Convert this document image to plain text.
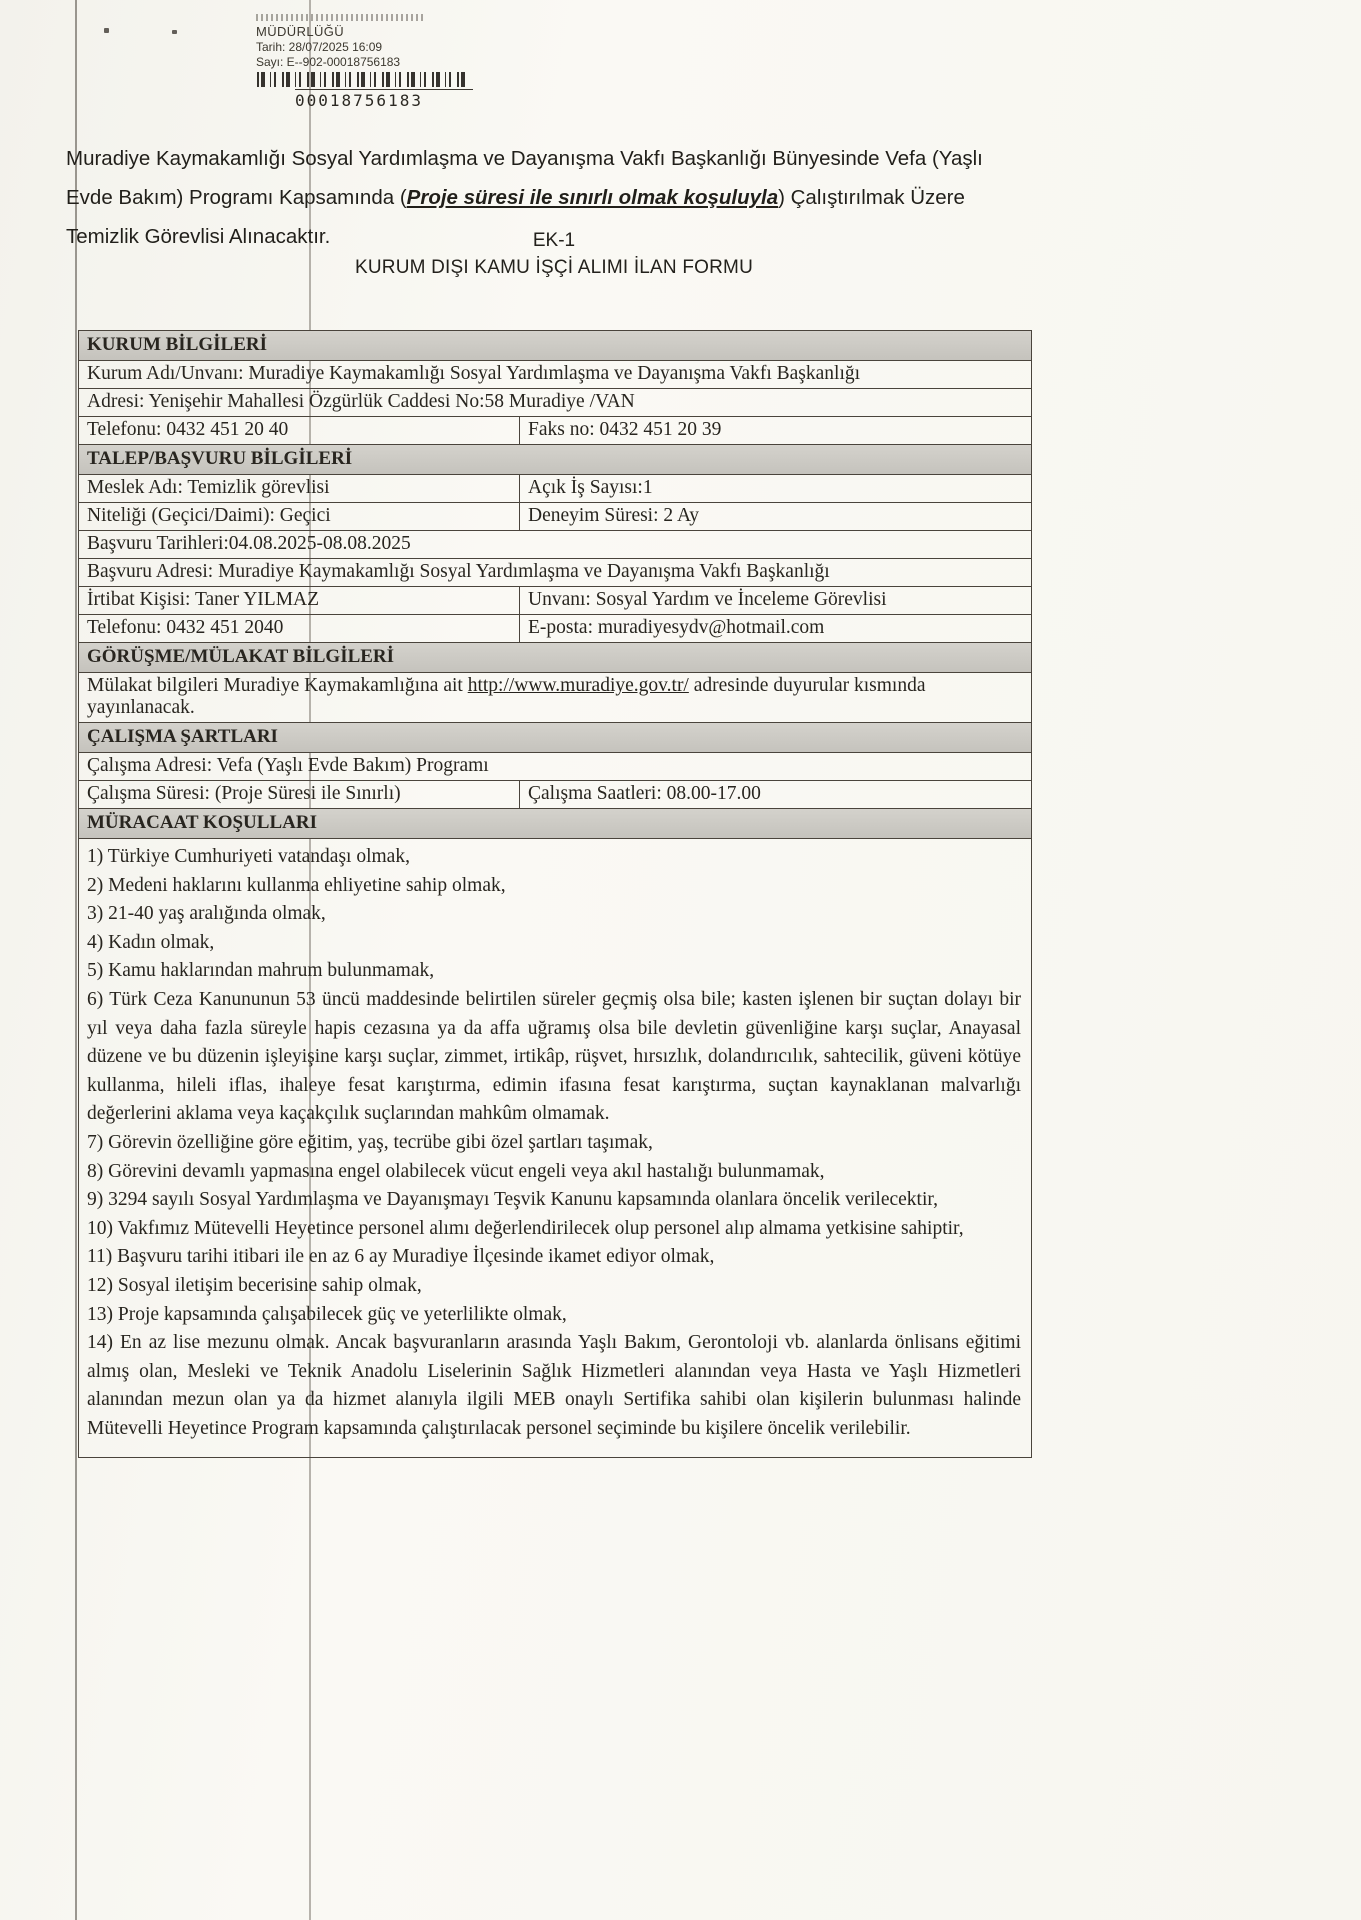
MÜDÜRLÜĞÜ
Tarih: 28/07/2025 16:09
Sayı: E--902-00018756183
00018756183
Muradiye Kaymakamlığı Sosyal Yardımlaşma ve Dayanışma Vakfı Başkanlığı Bünyesinde Vefa (Yaşlı Evde Bakım) Programı Kapsamında (Proje süresi ile sınırlı olmak koşuluyla) Çalıştırılmak Üzere Temizlik Görevlisi Alınacaktır.	EK-1
KURUM DIŞI KAMU İŞÇİ ALIMI İLAN FORMU
KURUM BİLGİLERİ
Kurum Adı/Unvanı: Muradiye Kaymakamlığı Sosyal Yardımlaşma ve Dayanışma Vakfı Başkanlığı
Adresi: Yenişehir Mahallesi Özgürlük Caddesi No:58 Muradiye /VAN
Telefonu: 0432 451 20 40	Faks no: 0432 451 20 39
TALEP/BAŞVURU BİLGİLERİ
Meslek Adı: Temizlik görevlisi	Açık İş Sayısı:1
Niteliği (Geçici/Daimi): Geçici	Deneyim Süresi: 2 Ay
Başvuru Tarihleri:04.08.2025-08.08.2025
Başvuru Adresi: Muradiye Kaymakamlığı Sosyal Yardımlaşma ve Dayanışma Vakfı Başkanlığı
İrtibat Kişisi: Taner YILMAZ	Unvanı: Sosyal Yardım ve İnceleme Görevlisi
Telefonu: 0432 451 2040	E-posta: muradiyesydv@hotmail.com
GÖRÜŞME/MÜLAKAT BİLGİLERİ
Mülakat bilgileri Muradiye Kaymakamlığına ait http://www.muradiye.gov.tr/ adresinde duyurular kısmında yayınlanacak.
ÇALIŞMA ŞARTLARI
Çalışma Adresi: Vefa (Yaşlı Evde Bakım) Programı
Çalışma Süresi: (Proje Süresi ile Sınırlı)	Çalışma Saatleri: 08.00-17.00
MÜRACAAT KOŞULLARI
1) Türkiye Cumhuriyeti vatandaşı olmak,
2) Medeni haklarını kullanma ehliyetine sahip olmak,
3) 21-40 yaş aralığında olmak,
4) Kadın olmak,
5) Kamu haklarından mahrum bulunmamak,
6) Türk Ceza Kanununun 53 üncü maddesinde belirtilen süreler geçmiş olsa bile; kasten işlenen bir suçtan dolayı bir yıl veya daha fazla süreyle hapis cezasına ya da affa uğramış olsa bile devletin güvenliğine karşı suçlar, Anayasal düzene ve bu düzenin işleyişine karşı suçlar, zimmet, irtikâp, rüşvet, hırsızlık, dolandırıcılık, sahtecilik, güveni kötüye kullanma, hileli iflas, ihaleye fesat karıştırma, edimin ifasına fesat karıştırma, suçtan kaynaklanan malvarlığı değerlerini aklama veya kaçakçılık suçlarından mahkûm olmamak.
7) Görevin özelliğine göre eğitim, yaş, tecrübe gibi özel şartları taşımak,
8) Görevini devamlı yapmasına engel olabilecek vücut engeli veya akıl hastalığı bulunmamak,
9) 3294 sayılı Sosyal Yardımlaşma ve Dayanışmayı Teşvik Kanunu kapsamında olanlara öncelik verilecektir,
10) Vakfımız Mütevelli Heyetince personel alımı değerlendirilecek olup personel alıp almama yetkisine sahiptir,
11) Başvuru tarihi itibari ile en az 6 ay Muradiye İlçesinde ikamet ediyor olmak,
12) Sosyal iletişim becerisine sahip olmak,
13) Proje kapsamında çalışabilecek güç ve yeterlilikte olmak,
14) En az lise mezunu olmak. Ancak başvuranların arasında Yaşlı Bakım, Gerontoloji vb. alanlarda önlisans eğitimi almış olan, Mesleki ve Teknik Anadolu Liselerinin Sağlık Hizmetleri alanından veya Hasta ve Yaşlı Hizmetleri alanından mezun olan ya da hizmet alanıyla ilgili MEB onaylı Sertifika sahibi olan kişilerin bulunması halinde Mütevelli Heyetince Program kapsamında çalıştırılacak personel seçiminde bu kişilere öncelik verilebilir.
